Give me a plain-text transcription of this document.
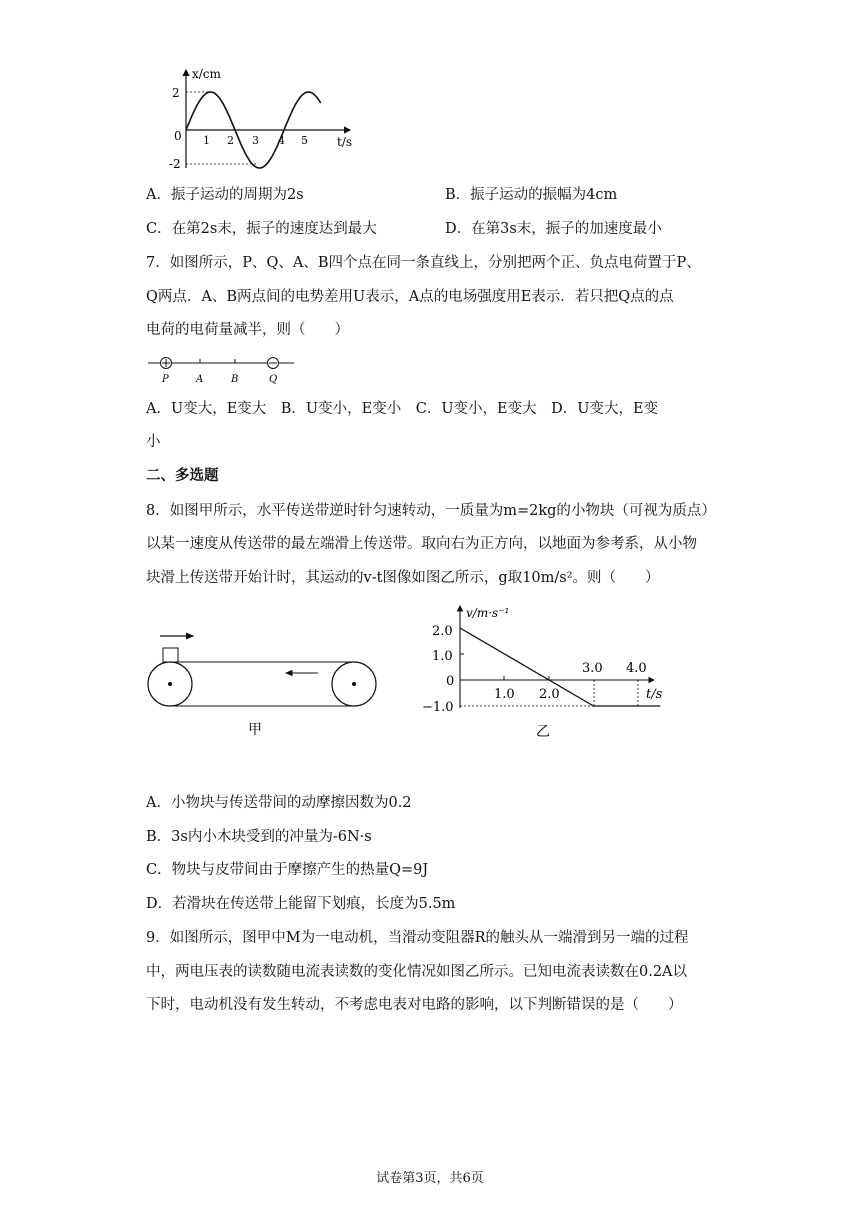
x/cm
t/s
2
-2
0 1 2 3 4 5
A．振子运动的周期为2s	B．振子运动的振幅为4cm
C．在第2s末，振子的速度达到最大	D．在第3s末，振子的加速度最小
7．如图所示，P、Q、A、B四个点在同一条直线上，分别把两个正、负点电荷置于P、
Q两点．A、B两点间的电势差用U表示，A点的电场强度用E表示．若只把Q点的点
电荷的电荷量减半，则（　　）
P	A	B	Q
A．U变大，E变大　B．U变小，E变小　C．U变小，E变大　D．U变大，E变
小
二、多选题
8．如图甲所示，水平传送带逆时针匀速转动，一质量为m=2kg的小物块（可视为质点）
以某一速度从传送带的最左端滑上传送带。取向右为正方向，以地面为参考系，从小物
块滑上传送带开始计时，其运动的v-t图像如图乙所示，g取10m/s²。则（　　）
甲
v/m·s⁻¹
t/s
2.0
1.0
0
−1.0
1.0 2.0
3.0 4.0
乙
A．小物块与传送带间的动摩擦因数为0.2
B．3s内小木块受到的冲量为-6N·s
C．物块与皮带间由于摩擦产生的热量Q=9J
D．若滑块在传送带上能留下划痕，长度为5.5m
9．如图所示，图甲中M为一电动机，当滑动变阻器R的触头从一端滑到另一端的过程
中，两电压表的读数随电流表读数的变化情况如图乙所示。已知电流表读数在0.2A以
下时，电动机没有发生转动，不考虑电表对电路的影响，以下判断错误的是（　　）
试卷第3页，共6页
